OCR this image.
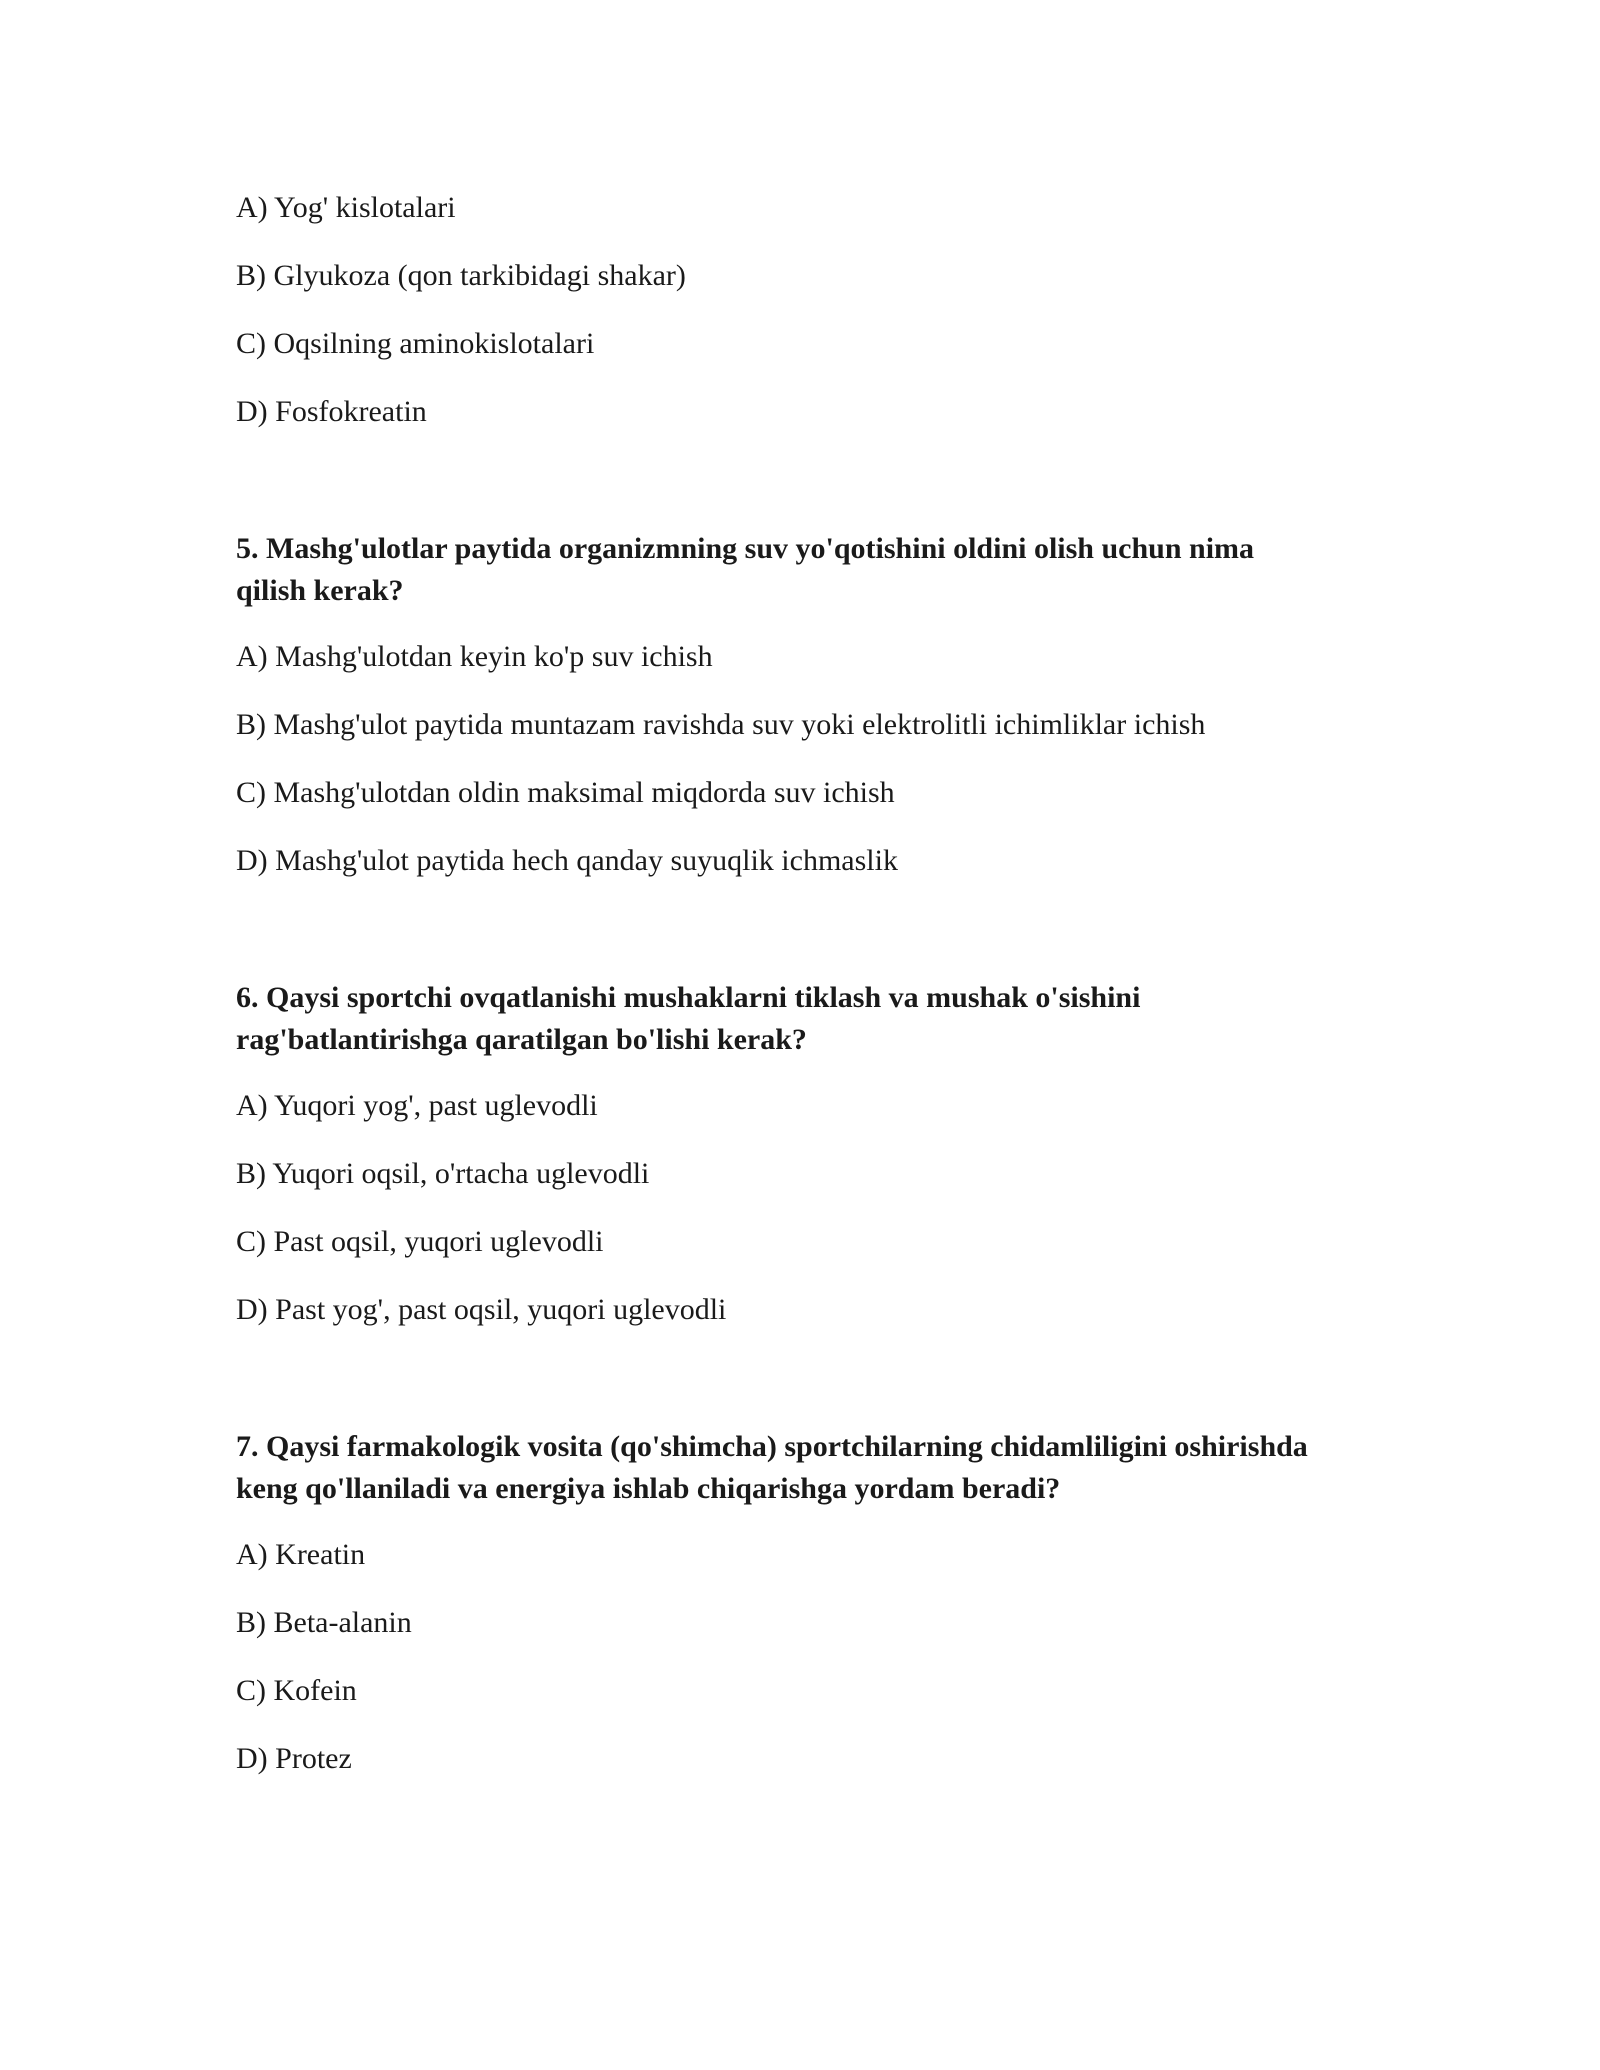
A) Yog' kislotalari
B) Glyukoza (qon tarkibidagi shakar)
C) Oqsilning aminokislotalari
D) Fosfokreatin
5. Mashg'ulotlar paytida organizmning suv yo'qotishini oldini olish uchun nima
qilish kerak?
A) Mashg'ulotdan keyin ko'p suv ichish
B) Mashg'ulot paytida muntazam ravishda suv yoki elektrolitli ichimliklar ichish
C) Mashg'ulotdan oldin maksimal miqdorda suv ichish
D) Mashg'ulot paytida hech qanday suyuqlik ichmaslik
6. Qaysi sportchi ovqatlanishi mushaklarni tiklash va mushak o'sishini
rag'batlantirishga qaratilgan bo'lishi kerak?
A) Yuqori yog', past uglevodli
B) Yuqori oqsil, o'rtacha uglevodli
C) Past oqsil, yuqori uglevodli
D) Past yog', past oqsil, yuqori uglevodli
7. Qaysi farmakologik vosita (qo'shimcha) sportchilarning chidamliligini oshirishda
keng qo'llaniladi va energiya ishlab chiqarishga yordam beradi?
A) Kreatin
B) Beta-alanin
C) Kofein
D) Protez
